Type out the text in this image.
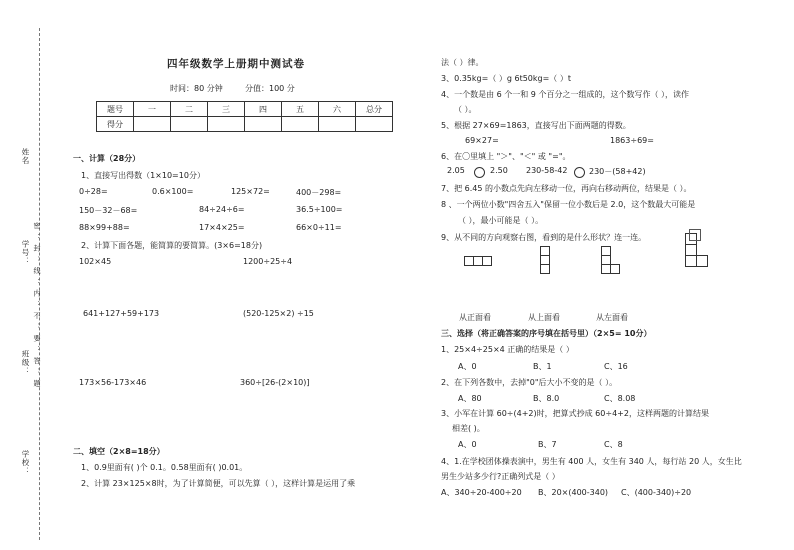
姓名
学号：
班级：
学校：
密 ： 封 ： 线 ： 内 ： 不 ： 要 ： 答 ： 题
四年级数学上册期中测试卷
时间：80 分钟	分值：100 分
题号	一	二	三	四	五	六	总分
得分							
一、计算（28分）
1、直接写出得数（1×10=10分）
0÷28=	0.6×100=	125×72=	400－298=
150－32－68=	84÷24÷6=	36.5÷100=
88×99+88=	17×4×25=	66×0÷11=
2、计算下面各题，能简算的要简算。(3×6=18分)
102×45	1200÷25÷4
641+127+59+173	(520-125×2) ÷15
173×56-173×46	360÷[26-(2×10)]
二、填空（2×8=18分）
1、0.9里面有( )个 0.1。0.58里面有( )0.01。
2、计算 23×125×8时，为了计算简便，可以先算（ ），这样计算是运用了乘
法（ ）律。
3、0.35kg=（ ）g 6t50kg=（ ）t
4、一个数是由 6 个一和 9 个百分之一组成的，这个数写作（ ），读作
（ ）。
5、根据 27×69=1863，直接写出下面两题的得数。
69×27=	1863÷69=
6、在〇里填上 "＞"、"＜" 或 "="。
2.05	2.50 230-58-42	230－(58+42)
7、把 6.45 的小数点先向左移动一位，再向右移动两位，结果是（ ）。
8 、一个两位小数"四舍五入"保留一位小数后是 2.0，这个数最大可能是
（ ），最小可能是（ ）。
9、从不同的方向观察右图，看到的是什么形状？连一连。
从正面看	从上面看	从左面看
三、选择（将正确答案的序号填在括号里）（2×5= 10分）
1、25×4÷25×4 正确的结果是（ ）
A、0	B、1	C、16
2、在下列各数中，去掉"0"后大小不变的是（ ）。
A、80	B、8.0	C、8.08
3、小军在计算 60÷(4+2)时，把算式抄成 60÷4+2，这样两题的计算结果
相差( )。
A、0	B、7	C、8
4、1.在学校团体操表演中，男生有 400 人，女生有 340 人，每行站 20 人，女生比
男生少站多少行?正确列式是（ ）
A、340÷20-400÷20 B、20×(400-340) C、(400-340)÷20
